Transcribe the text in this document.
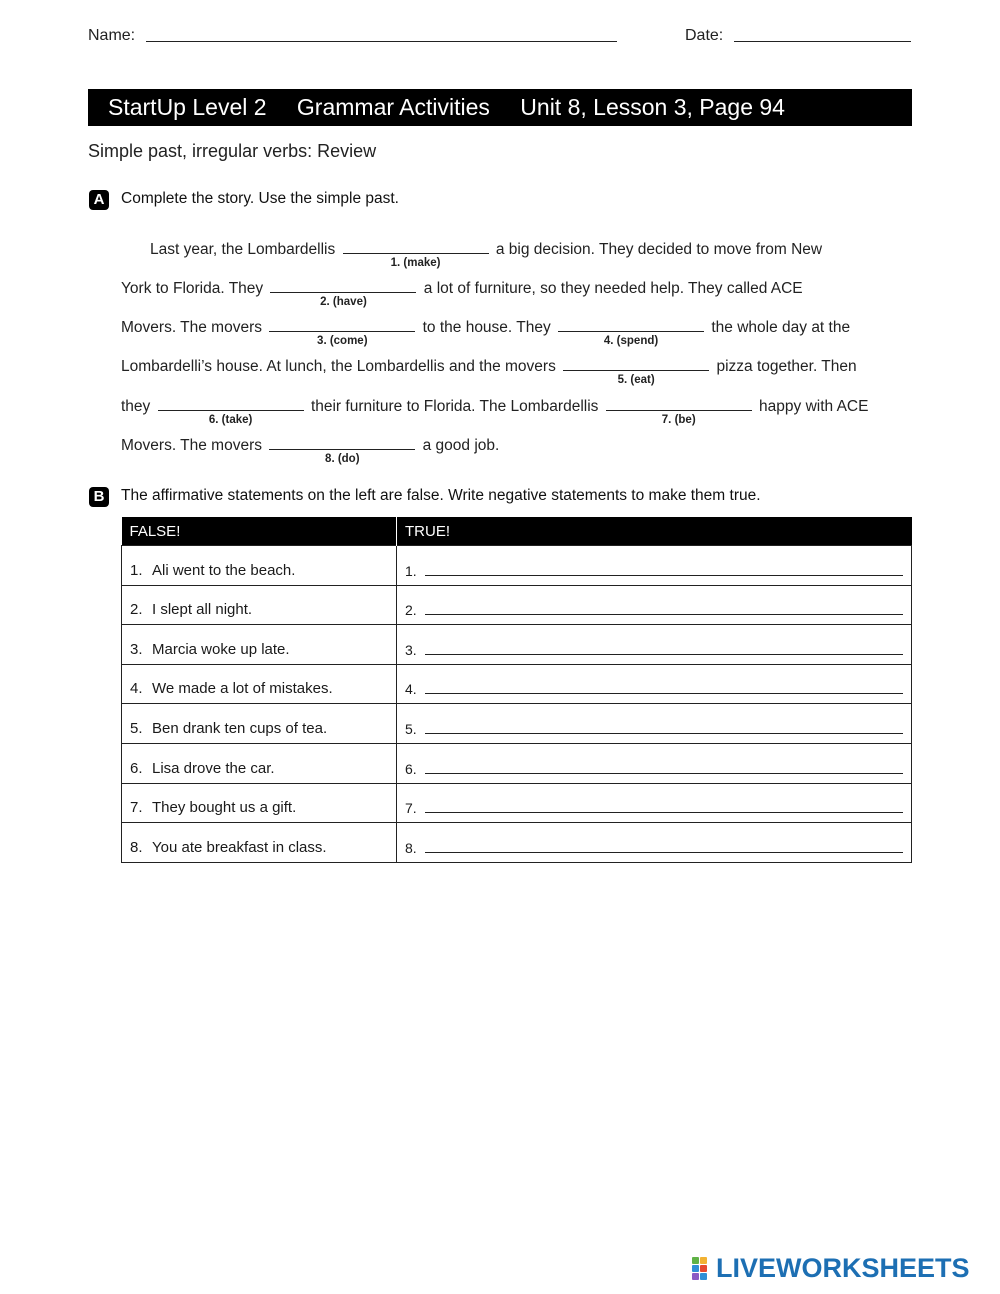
Name:	Date:
StartUp Level 2 Grammar Activities Unit 8, Lesson 3, Page 94
Simple past, irregular verbs: Review
A Complete the story. Use the simple past.
Last year, the Lombardellis
1. (make)
a big decision. They decided to move from New
York to Florida. They
2. (have)
a lot of furniture, so they needed help. They called ACE
Movers. The movers
3. (come)
to the house. They
4. (spend)
the whole day at the
Lombardelli’s house. At lunch, the Lombardellis and the movers
5. (eat)
pizza together. Then
they
6. (take)
their furniture to Florida. The Lombardellis
7. (be)
happy with ACE
Movers. The movers
8. (do)
a good job.
B The affirmative statements on the left are false. Write negative statements to make them true.
FALSE!	TRUE!
1. Ali went to the beach.	1.

2. I slept all night.	2.

3. Marcia woke up late.	3.

4. We made a lot of mistakes.	4.

5. Ben drank ten cups of tea.	5.

6. Lisa drove the car.	6.

7. They bought us a gift.	7.

8. You ate breakfast in class.	8.
LIVEWORKSHEETS
